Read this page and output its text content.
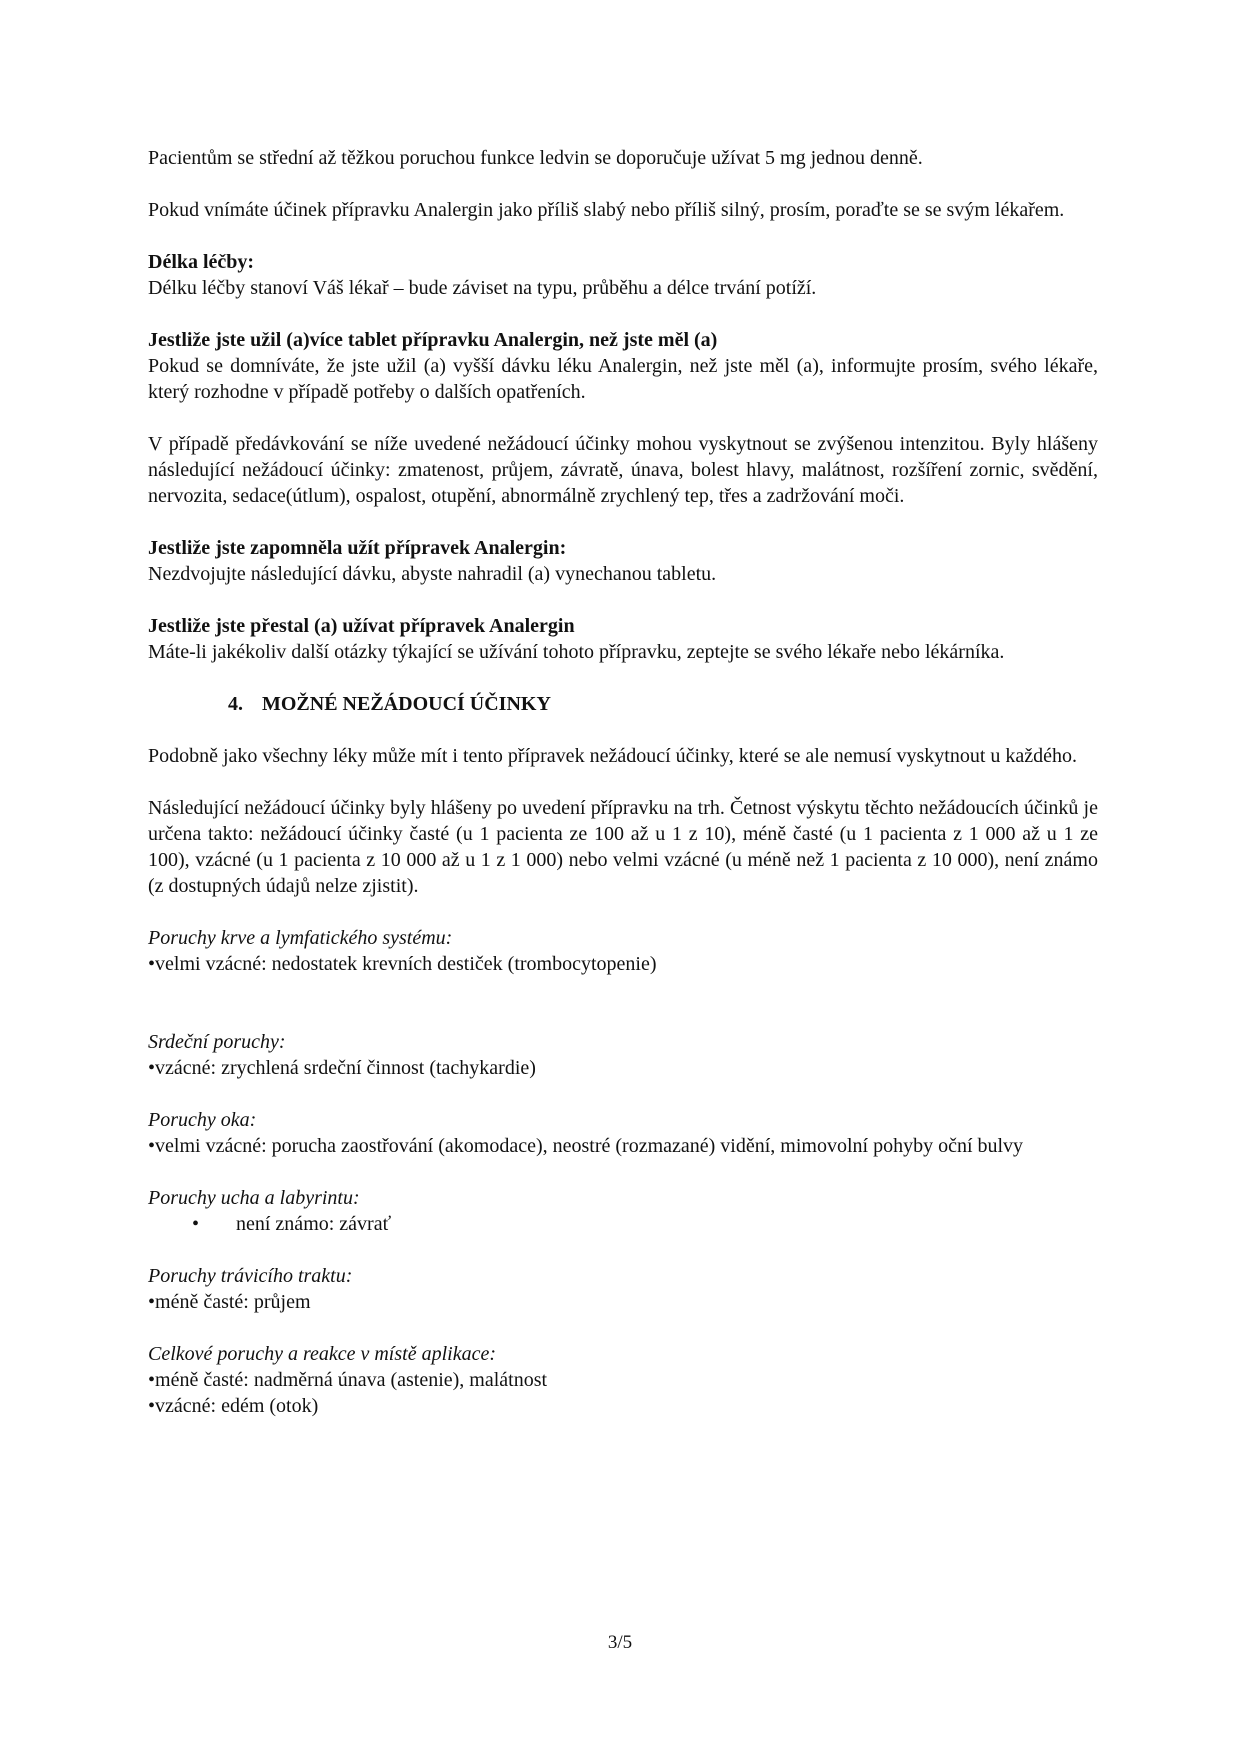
Pacientům se střední až těžkou poruchou funkce ledvin se doporučuje užívat 5 mg jednou denně.

Pokud vnímáte účinek přípravku Analergin jako příliš slabý nebo příliš silný, prosím, poraďte se se svým lékařem.

Délka léčby:

Délku léčby stanoví Váš lékař – bude záviset na typu, průběhu a délce trvání potíží.

Jestliže jste užil (a)více tablet přípravku Analergin, než jste měl (a)

Pokud se domníváte, že jste užil (a) vyšší dávku léku Analergin, než jste měl (a), informujte prosím, svého lékaře, který rozhodne v případě potřeby o dalších opatřeních.

V případě předávkování se níže uvedené nežádoucí účinky mohou vyskytnout se zvýšenou intenzitou. Byly hlášeny následující nežádoucí účinky: zmatenost, průjem, závratě, únava, bolest hlavy, malátnost, rozšíření zornic, svědění, nervozita, sedace(útlum), ospalost, otupění, abnormálně zrychlený tep, třes a zadržování moči.

Jestliže jste zapomněla užít přípravek Analergin:

Nezdvojujte následující dávku, abyste nahradil (a) vynechanou tabletu.

Jestliže jste přestal (a) užívat přípravek Analergin

Máte-li jakékoliv další otázky týkající se užívání tohoto přípravku, zeptejte se svého lékaře nebo lékárníka.

4. MOŽNÉ NEŽÁDOUCÍ ÚČINKY

Podobně jako všechny léky může mít i tento přípravek nežádoucí účinky, které se ale nemusí vyskytnout u každého.

Následující nežádoucí účinky byly hlášeny po uvedení přípravku na trh. Četnost výskytu těchto nežádoucích účinků je určena takto: nežádoucí účinky časté (u 1 pacienta ze 100 až u 1 z 10), méně časté (u 1 pacienta z 1 000 až u 1 ze 100), vzácné (u 1 pacienta z 10 000 až u 1 z 1 000) nebo velmi vzácné (u méně než 1 pacienta z 10 000), není známo (z dostupných údajů nelze zjistit).

Poruchy krve a lymfatického systému:

•velmi vzácné: nedostatek krevních destiček (trombocytopenie)

Srdeční poruchy:

•vzácné: zrychlená srdeční činnost (tachykardie)

Poruchy oka:

•velmi vzácné: porucha zaostřování (akomodace), neostré (rozmazané) vidění, mimovolní pohyby oční bulvy

Poruchy ucha a labyrintu:

• není známo: závrať

Poruchy trávicího traktu:

•méně časté: průjem

Celkové poruchy a reakce v místě aplikace:

•méně časté: nadměrná únava (astenie), malátnost

•vzácné: edém (otok)

3/5
